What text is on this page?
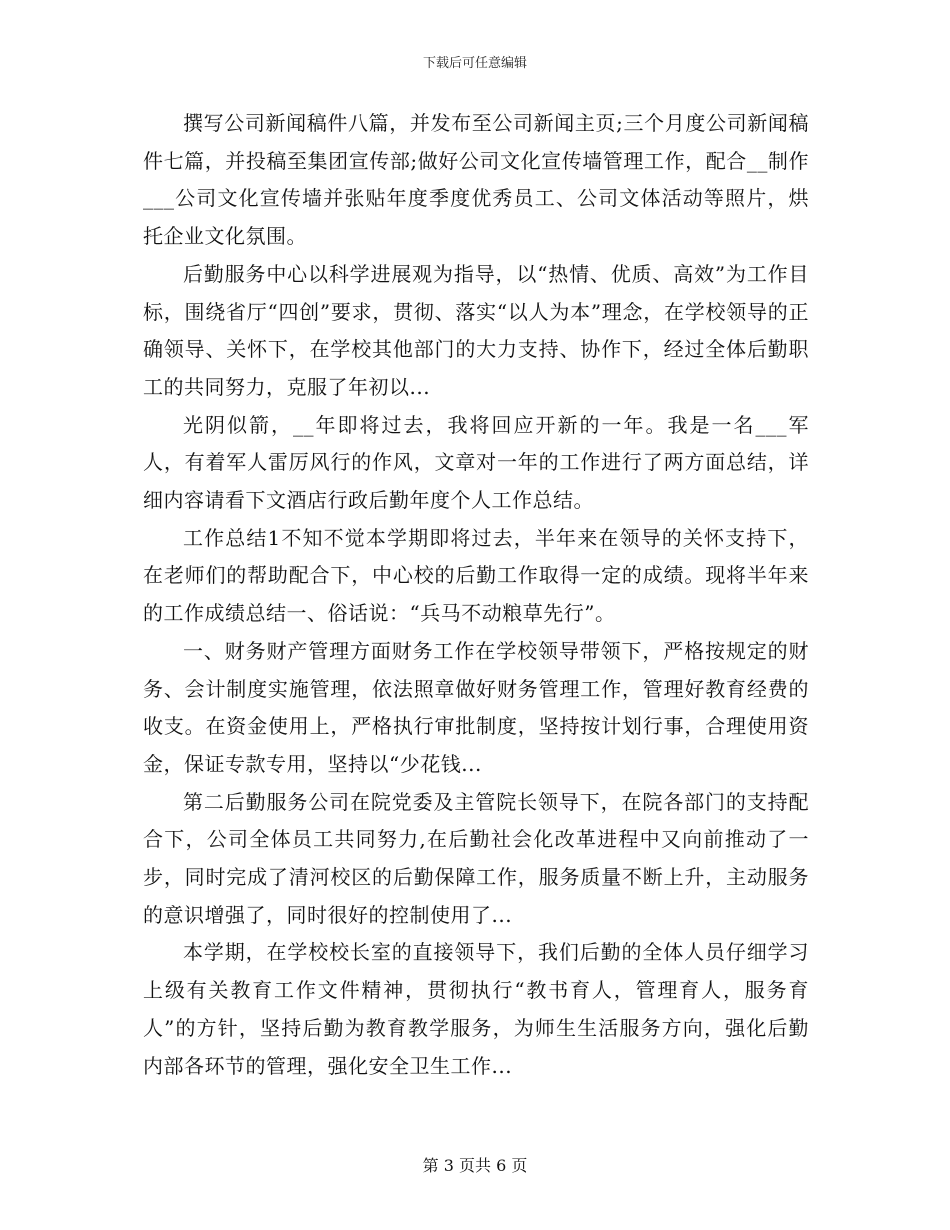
下载后可任意编辑

撰写公司新闻稿件八篇，并发布至公司新闻主页;三个月度公司新闻稿件七篇，并投稿至集团宣传部;做好公司文化宣传墙管理工作，配合__制作___公司文化宣传墙并张贴年度季度优秀员工、公司文体活动等照片，烘托企业文化氛围。

后勤服务中心以科学进展观为指导，以“热情、优质、高效”为工作目标，围绕省厅“四创”要求，贯彻、落实“以人为本”理念，在学校领导的正确领导、关怀下，在学校其他部门的大力支持、协作下，经过全体后勤职工的共同努力，克服了年初以...

光阴似箭，__年即将过去，我将回应开新的一年。我是一名___军人，有着军人雷厉风行的作风，文章对一年的工作进行了两方面总结，详细内容请看下文酒店行政后勤年度个人工作总结。

工作总结1不知不觉本学期即将过去，半年来在领导的关怀支持下，在老师们的帮助配合下，中心校的后勤工作取得一定的成绩。现将半年来的工作成绩总结一、俗话说：“兵马不动粮草先行”。

一、财务财产管理方面财务工作在学校领导带领下，严格按规定的财务、会计制度实施管理，依法照章做好财务管理工作，管理好教育经费的收支。在资金使用上，严格执行审批制度，坚持按计划行事，合理使用资金，保证专款专用，坚持以“少花钱...

第二后勤服务公司在院党委及主管院长领导下，在院各部门的支持配合下，公司全体员工共同努力,在后勤社会化改革进程中又向前推动了一步，同时完成了清河校区的后勤保障工作，服务质量不断上升，主动服务的意识增强了，同时很好的控制使用了...

本学期，在学校校长室的直接领导下，我们后勤的全体人员仔细学习上级有关教育工作文件精神，贯彻执行“教书育人，管理育人，服务育人”的方针，坚持后勤为教育教学服务，为师生生活服务方向，强化后勤内部各环节的管理，强化安全卫生工作...

第 3 页共 6 页
